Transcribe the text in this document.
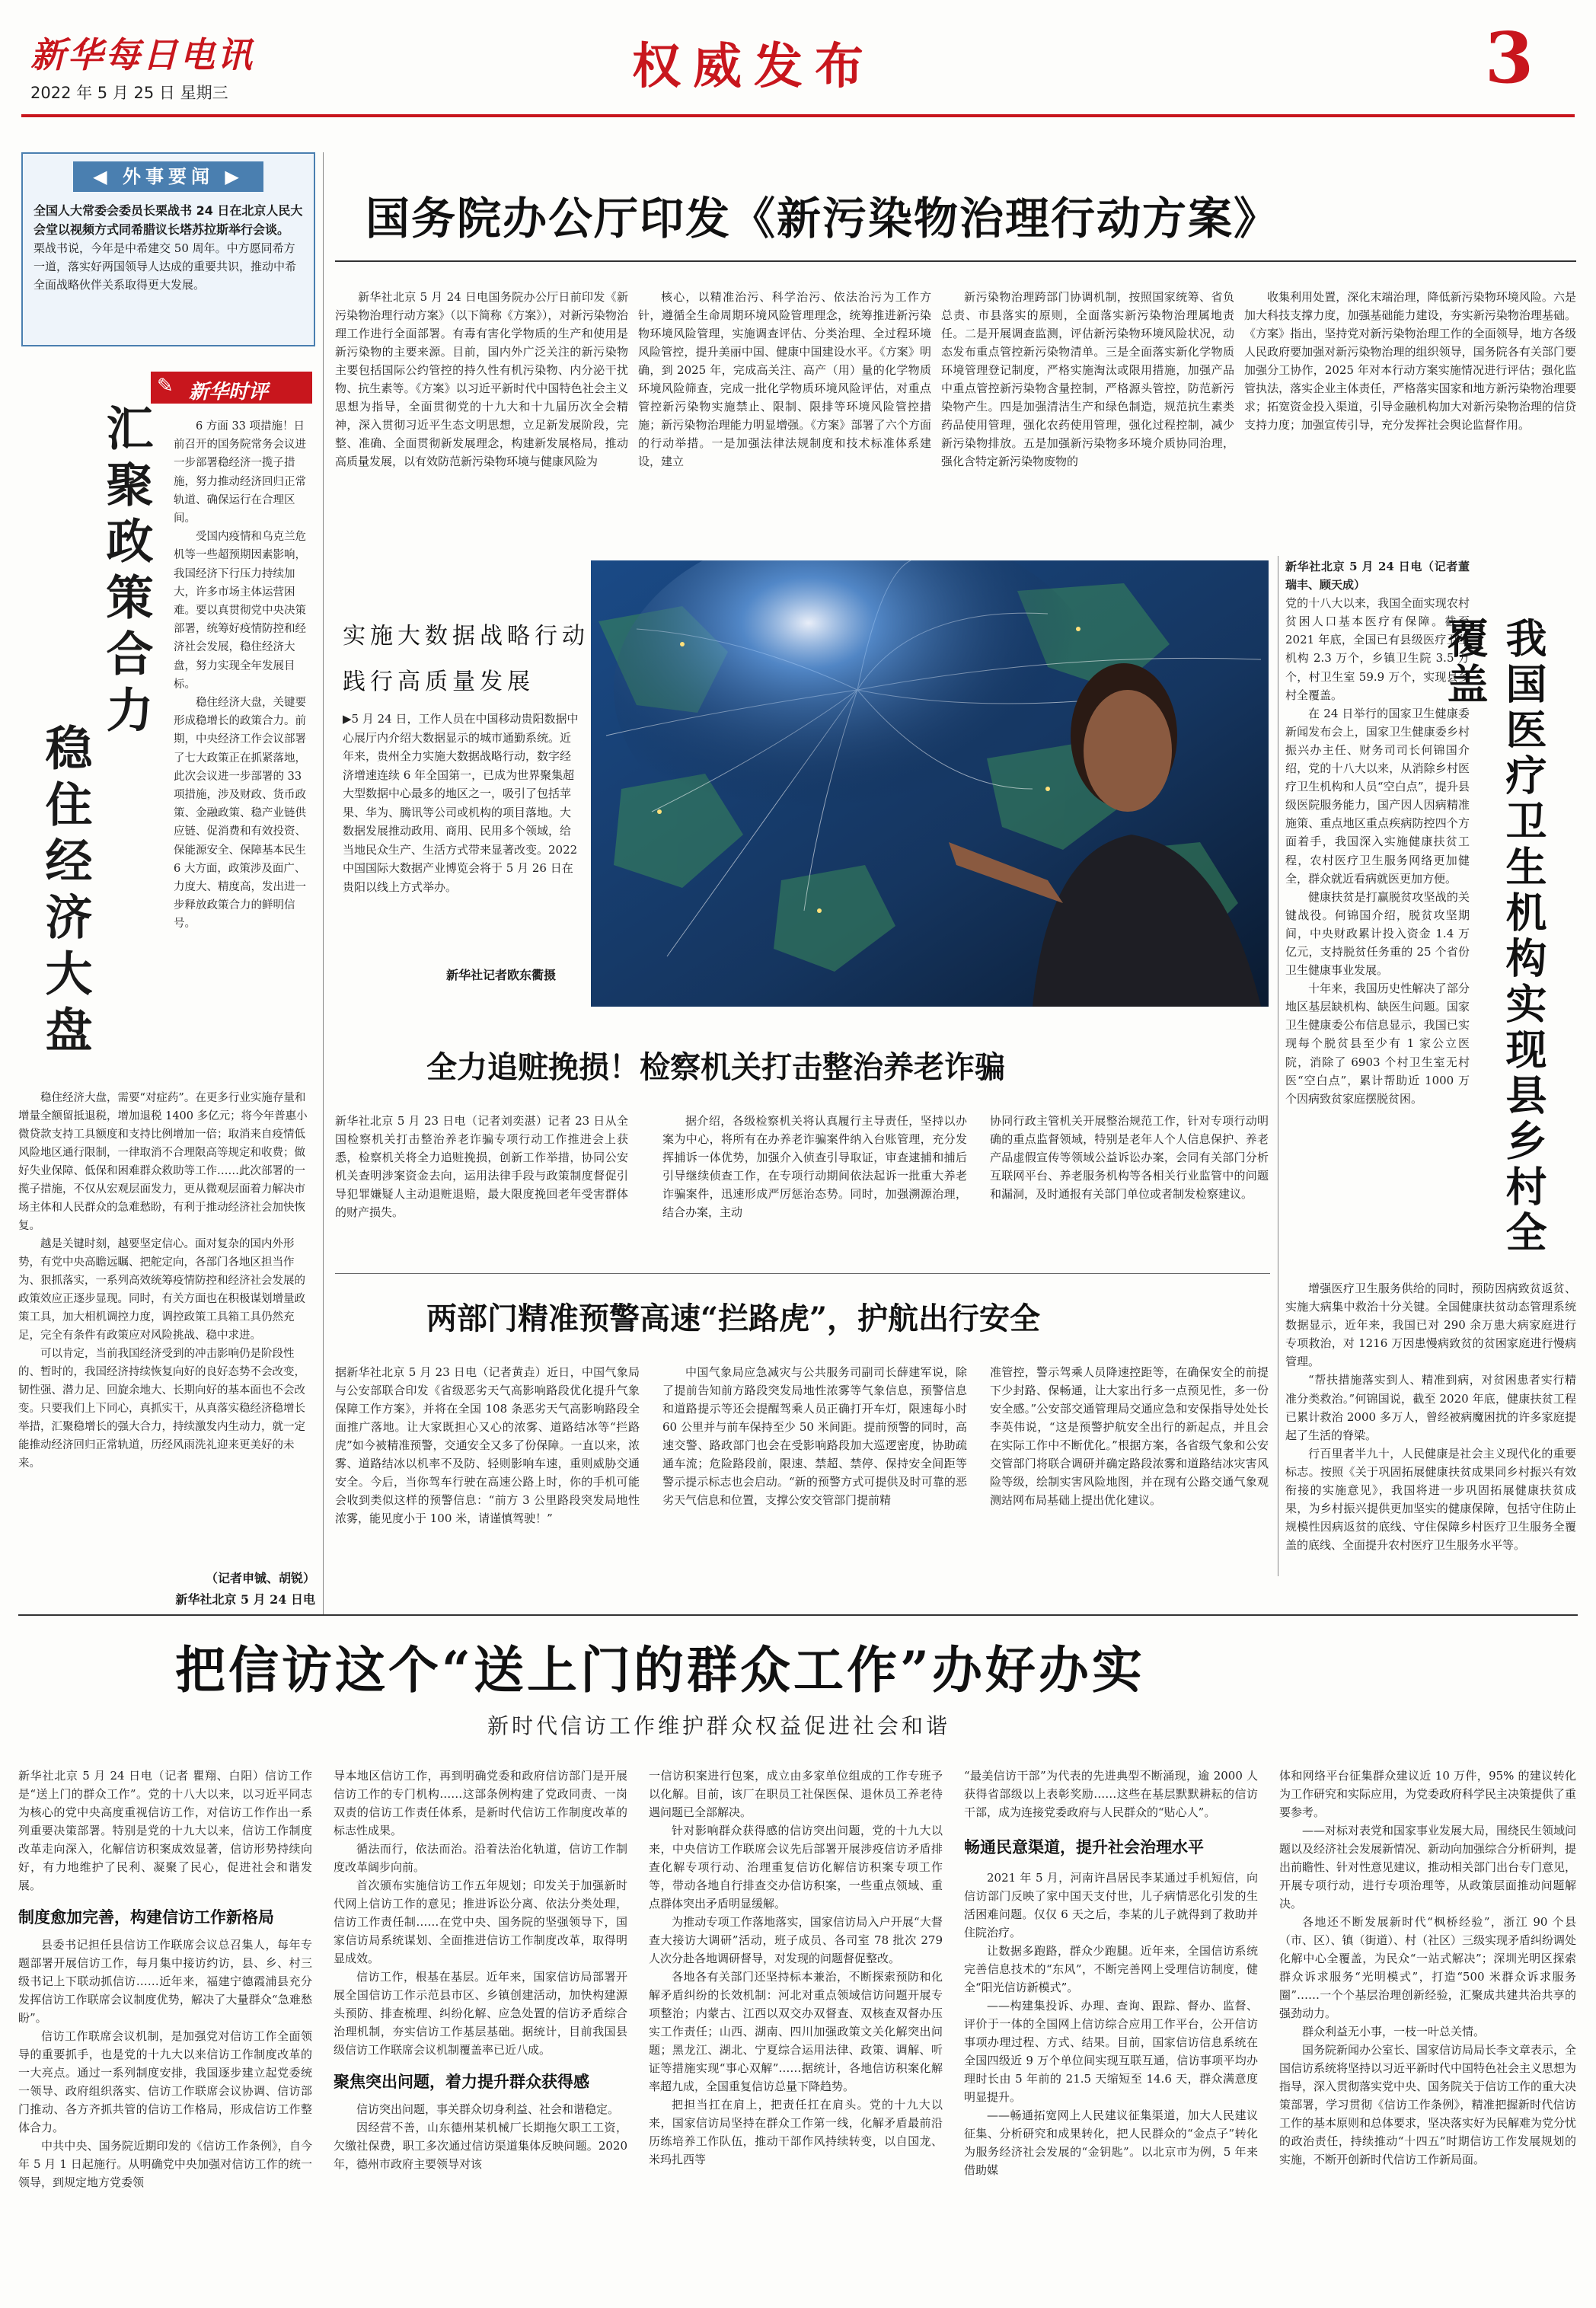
新华每日电讯
2022 年 5 月 25 日 星期三	权威发布	3
◀ 外事要闻 ▶
全国人大常委会委员长栗战书 24 日在北京人民大会堂以视频方式同希腊议长塔苏拉斯举行会谈。
栗战书说，今年是中希建交 50 周年。中方愿同希方一道，落实好两国领导人达成的重要共识，推动中希全面战略伙伴关系取得更大发展。
✎ 新华时评
汇聚政策合力
稳住经济大盘

6 方面 33 项措施！日前召开的国务院常务会议进一步部署稳经济一揽子措施，努力推动经济回归正常轨道、确保运行在合理区间。

受国内疫情和乌克兰危机等一些超预期因素影响，我国经济下行压力持续加大，许多市场主体运营困难。要以真贯彻党中央决策部署，统筹好疫情防控和经济社会发展，稳住经济大盘，努力实现全年发展目标。

稳住经济大盘，关键要形成稳增长的政策合力。前期，中央经济工作会议部署了七大政策正在抓紧落地，此次会议进一步部署的 33 项措施，涉及财政、货币政策、金融政策、稳产业链供应链、促消费和有效投资、保能源安全、保障基本民生 6 大方面，政策涉及面广、力度大、精度高，发出进一步释放政策合力的鲜明信号。

稳住经济大盘，需要“对症药”。在更多行业实施存量和增量全额留抵退税，增加退税 1400 多亿元；将今年普惠小微贷款支持工具额度和支持比例增加一倍；取消来自疫情低风险地区通行限制，一律取消不合理限高等规定和收费；做好失业保障、低保和困难群众救助等工作……此次部署的一揽子措施，不仅从宏观层面发力，更从微观层面着力解决市场主体和人民群众的急难愁盼，有利于推动经济社会加快恢复。

越是关键时刻，越要坚定信心。面对复杂的国内外形势，有党中央高瞻远瞩、把舵定向，各部门各地区担当作为、狠抓落实，一系列高效统筹疫情防控和经济社会发展的政策效应正逐步显现。同时，有关方面也在积极谋划增量政策工具，加大相机调控力度，调控政策工具箱工具仍然充足，完全有条件有政策应对风险挑战、稳中求进。

可以肯定，当前我国经济受到的冲击影响仍是阶段性的、暂时的，我国经济持续恢复向好的良好态势不会改变，韧性强、潜力足、回旋余地大、长期向好的基本面也不会改变。只要我们上下同心，真抓实干，从真落实稳经济稳增长举措，汇聚稳增长的强大合力，持续激发内生动力，就一定能推动经济回归正常轨道，历经风雨洗礼迎来更美好的未来。

（记者申铖、胡锐）
新华社北京 5 月 24 日电
国务院办公厅印发《新污染物治理行动方案》
新华社北京 5 月 24 日电国务院办公厅日前印发《新污染物治理行动方案》（以下简称《方案》），对新污染物治理工作进行全面部署。有毒有害化学物质的生产和使用是新污染物的主要来源。目前，国内外广泛关注的新污染物主要包括国际公约管控的持久性有机污染物、内分泌干扰物、抗生素等。《方案》以习近平新时代中国特色社会主义思想为指导，全面贯彻党的十九大和十九届历次全会精神，深入贯彻习近平生态文明思想，立足新发展阶段，完整、准确、全面贯彻新发展理念，构建新发展格局，推动高质量发展，以有效防范新污染物环境与健康风险为
核心，以精准治污、科学治污、依法治污为工作方针，遵循全生命周期环境风险管理理念，统筹推进新污染物环境风险管理，实施调查评估、分类治理、全过程环境风险管控，提升美丽中国、健康中国建设水平。《方案》明确，到 2025 年，完成高关注、高产（用）量的化学物质环境风险筛查，完成一批化学物质环境风险评估，对重点管控新污染物实施禁止、限制、限排等环境风险管控措施；新污染物治理能力明显增强。《方案》部署了六个方面的行动举措。一是加强法律法规制度和技术标准体系建设，建立
新污染物治理跨部门协调机制，按照国家统筹、省负总责、市县落实的原则，全面落实新污染物治理属地责任。二是开展调查监测，评估新污染物环境风险状况，动态发布重点管控新污染物清单。三是全面落实新化学物质环境管理登记制度，严格实施淘汰或限用措施，加强产品中重点管控新污染物含量控制，严格源头管控，防范新污染物产生。四是加强清洁生产和绿色制造，规范抗生素类药品使用管理，强化农药使用管理，强化过程控制，减少新污染物排放。五是加强新污染物多环境介质协同治理，强化含特定新污染物废物的
收集利用处置，深化末端治理，降低新污染物环境风险。六是加大科技支撑力度，加强基础能力建设，夯实新污染物治理基础。《方案》指出，坚持党对新污染物治理工作的全面领导，地方各级人民政府要加强对新污染物治理的组织领导，国务院各有关部门要加强分工协作，2025 年对本行动方案实施情况进行评估；强化监管执法，落实企业主体责任，严格落实国家和地方新污染物治理要求；拓宽资金投入渠道，引导金融机构加大对新污染物治理的信贷支持力度；加强宣传引导，充分发挥社会舆论监督作用。
实施大数据战略行动
践行高质量发展
▶5 月 24 日，工作人员在中国移动贵阳数据中心展厅内介绍大数据显示的城市通勤系统。近年来，贵州全力实施大数据战略行动，数字经济增速连续 6 年全国第一，已成为世界聚集超大型数据中心最多的地区之一，吸引了包括苹果、华为、腾讯等公司或机构的项目落地。大数据发展推动政用、商用、民用多个领域，给当地民众生产、生活方式带来显著改变。2022 中国国际大数据产业博览会将于 5 月 26 日在贵阳以线上方式举办。
新华社记者欧东衢摄

新华社北京 5 月 24 日电（记者董瑞丰、顾天成）

党的十八大以来，我国全面实现农村贫困人口基本医疗有保障。截至 2021 年底，全国已有县级医疗卫生机构 2.3 万个，乡镇卫生院 3.5 万个，村卫生室 59.9 万个，实现县乡村全覆盖。

在 24 日举行的国家卫生健康委新闻发布会上，国家卫生健康委乡村振兴办主任、财务司司长何锦国介绍，党的十八大以来，从消除乡村医疗卫生机构和人员“空白点”，提升县级医院服务能力，国产因人因病精准施策、重点地区重点疾病防控四个方面着手，我国深入实施健康扶贫工程，农村医疗卫生服务网络更加健全，群众就近看病就医更加方便。

健康扶贫是打赢脱贫攻坚战的关键战役。何锦国介绍，脱贫攻坚期间，中央财政累计投入资金 1.4 万亿元，支持脱贫任务重的 25 个省份卫生健康事业发展。

十年来，我国历史性解决了部分地区基层缺机构、缺医生问题。国家卫生健康委公布信息显示，我国已实现每个脱贫县至少有 1 家公立医院，消除了 6903 个村卫生室无村医“空白点”，累计帮助近 1000 万个因病致贫家庭摆脱贫困。

增强医疗卫生服务供给的同时，预防因病致贫返贫、实施大病集中救治十分关键。全国健康扶贫动态管理系统数据显示，近年来，我国已对 290 余万患大病家庭进行专项救治，对 1216 万因患慢病致贫的贫困家庭进行慢病管理。

“帮扶措施落实到人、精准到病，对贫困患者实行精准分类救治。”何锦国说，截至 2020 年底，健康扶贫工程已累计救治 2000 多万人，曾经被病魔困扰的许多家庭提起了生活的脊梁。

行百里者半九十，人民健康是社会主义现代化的重要标志。按照《关于巩固拓展健康扶贫成果同乡村振兴有效衔接的实施意见》，我国将进一步巩固拓展健康扶贫成果，为乡村振兴提供更加坚实的健康保障，包括守住防止规模性因病返贫的底线、守住保障乡村医疗卫生服务全覆盖的底线、全面提升农村医疗卫生服务水平等。

我国医疗卫生机构实现县乡村全覆盖
全力追赃挽损！检察机关打击整治养老诈骗
新华社北京 5 月 23 日电（记者刘奕湛）记者 23 日从全国检察机关打击整治养老诈骗专项行动工作推进会上获悉，检察机关将全力追赃挽损，创新工作举措，协同公安机关查明涉案资金去向，运用法律手段与政策制度督促引导犯罪嫌疑人主动退赃退赔，最大限度挽回老年受害群体的财产损失。
据介绍，各级检察机关将认真履行主导责任，坚持以办案为中心，将所有在办养老诈骗案件纳入台账管理，充分发挥捕诉一体优势，加强介入侦查引导取证，审查逮捕和捕后引导继续侦查工作，在专项行动期间依法起诉一批重大养老诈骗案件，迅速形成严厉惩治态势。同时，加强溯源治理，结合办案，主动
协同行政主管机关开展整治规范工作，针对专项行动明确的重点监督领域，特别是老年人个人信息保护、养老产品虚假宣传等领域公益诉讼办案，会同有关部门分析互联网平台、养老服务机构等各相关行业监管中的问题和漏洞，及时通报有关部门单位或者制发检察建议。
两部门精准预警高速“拦路虎”，护航出行安全
据新华社北京 5 月 23 日电（记者黄垚）近日，中国气象局与公安部联合印发《省级恶劣天气高影响路段优化提升气象保障工作方案》，并将在全国 108 条恶劣天气高影响路段全面推广落地。让大家既担心又心的浓雾、道路结冰等“拦路虎”如今被精准预警，交通安全又多了份保障。一直以来，浓雾、道路结冰以机率不及防、轻则影响车速，重则威胁交通安全。今后，当你驾车行驶在高速公路上时，你的手机可能会收到类似这样的预警信息：“前方 3 公里路段突发局地性浓雾，能见度小于 100 米，请谨慎驾驶！”
中国气象局应急减灾与公共服务司副司长薛建军说，除了提前告知前方路段突发局地性浓雾等气象信息，预警信息和道路提示等还会提醒驾乘人员正确打开车灯，限速每小时 60 公里并与前车保持至少 50 米间距。提前预警的同时，高速交警、路政部门也会在受影响路段加大巡逻密度，协助疏通车流；危险路段前，限速、禁超、禁停、保持安全间距等警示提示标志也会启动。“新的预警方式可提供及时可靠的恶劣天气信息和位置，支撑公安交管部门提前精
准管控，警示驾乘人员降速控距等，在确保安全的前提下少封路、保畅通，让大家出行多一点预见性，多一份安全感。”公安部交通管理局交通应急和安保指导处处长李英伟说，“这是预警护航安全出行的新起点，并且会在实际工作中不断优化。”根据方案，各省级气象和公安交管部门将联合调研并确定路段浓雾和道路结冰灾害风险等级，绘制实害风险地图，并在现有公路交通气象观测站网布局基础上提出优化建议。
把信访这个“送上门的群众工作”办好办实
新时代信访工作维护群众权益促进社会和谐

新华社北京 5 月 24 日电（记者 瞿翔、白阳）信访工作是“送上门的群众工作”。党的十八大以来，以习近平同志为核心的党中央高度重视信访工作，对信访工作作出一系列重要决策部署。特别是党的十九大以来，信访工作制度改革走向深入，化解信访积案成效显著，信访形势持续向好，有力地维护了民利、凝聚了民心，促进社会和谐发展。

制度愈加完善，构建信访工作新格局

县委书记担任县信访工作联席会议总召集人，每年专题部署开展信访工作，每月集中接访约访，县、乡、村三级书记上下联动抓信访……近年来，福建宁德霞浦县充分发挥信访工作联席会议制度优势，解决了大量群众“急难愁盼”。

信访工作联席会议机制，是加强党对信访工作全面领导的重要抓手，也是党的十九大以来信访工作制度改革的一大亮点。通过一系列制度安排，我国逐步建立起党委统一领导、政府组织落实、信访工作联席会议协调、信访部门推动、各方齐抓共管的信访工作格局，形成信访工作整体合力。

中共中央、国务院近期印发的《信访工作条例》，自今年 5 月 1 日起施行。从明确党中央加强对信访工作的统一领导，到规定地方党委领

导本地区信访工作，再到明确党委和政府信访部门是开展信访工作的专门机构……这部条例构建了党政同责、一岗双责的信访工作责任体系，是新时代信访工作制度改革的标志性成果。

循法而行，依法而治。沿着法治化轨道，信访工作制度改革阔步向前。

首次颁布实施信访工作五年规划；印发关于加强新时代网上信访工作的意见；推进诉讼分离、依法分类处理，信访工作责任制……在党中央、国务院的坚强领导下，国家信访局系统谋划、全面推进信访工作制度改革，取得明显成效。

信访工作，根基在基层。近年来，国家信访局部署开展全国信访工作示范县市区、乡镇创建活动，加快构建源头预防、排查梳理、纠纷化解、应急处置的信访矛盾综合治理机制，夯实信访工作基层基础。据统计，目前我国县级信访工作联席会议机制覆盖率已近八成。

聚焦突出问题，着力提升群众获得感

信访突出问题，事关群众切身利益、社会和谐稳定。

因经营不善，山东德州某机械厂长期拖欠职工工资，欠缴社保费，职工多次通过信访渠道集体反映问题。2020 年，德州市政府主要领导对该

一信访积案进行包案，成立由多家单位组成的工作专班予以化解。目前，该厂在职员工社保医保、退休员工养老待遇问题已全部解决。

针对影响群众获得感的信访突出问题，党的十九大以来，中央信访工作联席会议先后部署开展涉疫信访矛盾排查化解专项行动、治理重复信访化解信访积案专项工作等，带动各地自行排查交办信访积案，一些重点领域、重点群体突出矛盾明显缓解。

为推动专项工作落地落实，国家信访局入户开展“大督查大接访大调研”活动，班子成员、各司室 78 批次 279 人次分赴各地调研督导，对发现的问题督促整改。

各地各有关部门还坚持标本兼治，不断探索预防和化解矛盾纠纷的长效机制：河北对重点领域信访问题开展专项整治；内蒙古、江西以双交办双督查、双核查双督办压实工作责任；山西、湖南、四川加强政策文关化解突出问题；黑龙江、湖北、宁夏综合运用法律、政策、调解、听证等措施实现“事心双解”……据统计，各地信访积案化解率超九成，全国重复信访总量下降趋势。

把担当扛在肩上，把责任扛在肩头。党的十九大以来，国家信访局坚持在群众工作第一线，化解矛盾最前沿历练培养工作队伍，推动干部作风持续转变，以自国龙、米玛扎西等

“最美信访干部”为代表的先进典型不断涌现，逾 2000 人获得省部级以上表彰奖励……这些在基层默默耕耘的信访干部，成为连接党委政府与人民群众的“贴心人”。

畅通民意渠道，提升社会治理水平

2021 年 5 月，河南许昌居民李某通过手机短信，向信访部门反映了家中国天支付世，儿子病情恶化引发的生活困难问题。仅仅 6 天之后，李某的儿子就得到了救助并住院治疗。

让数据多跑路，群众少跑腿。近年来，全国信访系统完善信息技术的“东风”，不断完善网上受理信访制度，健全“阳光信访新模式”。

——构建集投诉、办理、查询、跟踪、督办、监督、评价于一体的全国网上信访综合应用工作平台，公开信访事项办理过程、方式、结果。目前，国家信访信息系统在全国四级近 9 万个单位间实现互联互通，信访事项平均办理时长由 5 年前的 21.5 天缩短至 14.6 天，群众满意度明显提升。

——畅通拓宽网上人民建议征集渠道，加大人民建议征集、分析研究和成果转化，把人民群众的“金点子”转化为服务经济社会发展的“金钥匙”。以北京市为例，5 年来借助媒

体和网络平台征集群众建议近 10 万件，95% 的建议转化为工作研究和实际应用，为党委政府科学民主决策提供了重要参考。

——对标对表党和国家事业发展大局，围绕民生领域问题以及经济社会发展新情况、新动向加强综合分析研判，提出前瞻性、针对性意见建议，推动相关部门出台专门意见，开展专项行动，进行专项治理等，从政策层面推动问题解决。

各地还不断发展新时代“枫桥经验”，浙江 90 个县（市、区）、镇（街道）、村（社区）三级实现矛盾纠纷调处化解中心全覆盖，为民众“一站式解决”；深圳光明区探索群众诉求服务“光明模式”，打造“500 米群众诉求服务圈”……一个个基层治理创新经验，汇聚成共建共治共享的强劲动力。

群众利益无小事，一枝一叶总关情。

国务院新闻办公室长、国家信访局局长李文章表示，全国信访系统将坚持以习近平新时代中国特色社会主义思想为指导，深入贯彻落实党中央、国务院关于信访工作的重大决策部署，学习贯彻《信访工作条例》，精准把握新时代信访工作的基本原则和总体要求，坚决落实好为民解难为党分忧的政治责任，持续推动“十四五”时期信访工作发展规划的实施，不断开创新时代信访工作新局面。
